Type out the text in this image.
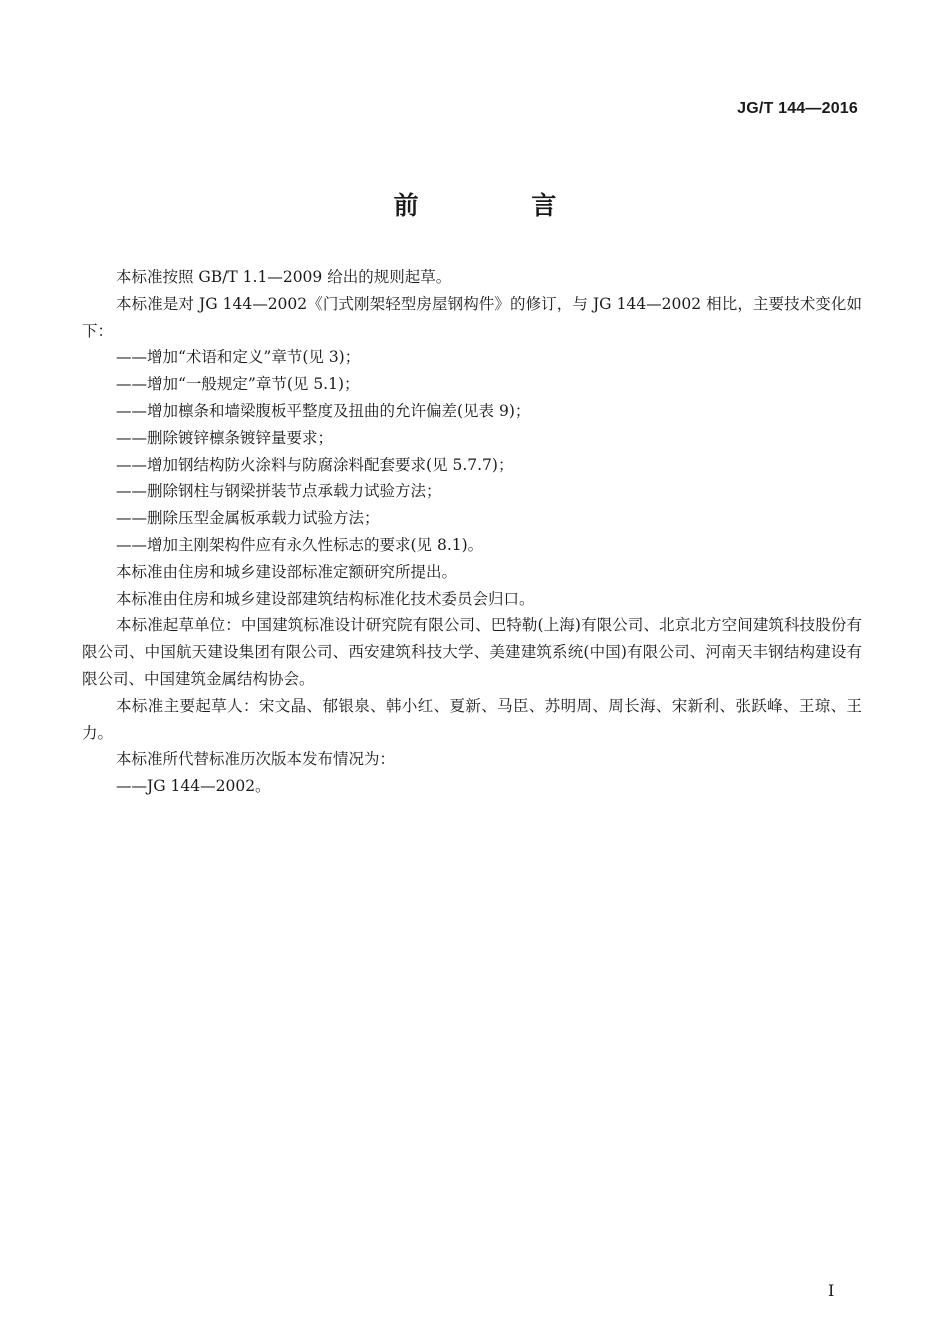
JG/T 144—2016
前 言

本标准按照 GB/T 1.1—2009 给出的规则起草。

本标准是对 JG 144—2002《门式刚架轻型房屋钢构件》的修订，与 JG 144—2002 相比，主要技术变化如下：

——增加“术语和定义”章节(见 3)；

——增加“一般规定”章节(见 5.1)；

——增加檩条和墙梁腹板平整度及扭曲的允许偏差(见表 9)；

——删除镀锌檩条镀锌量要求；

——增加钢结构防火涂料与防腐涂料配套要求(见 5.7.7)；

——删除钢柱与钢梁拼装节点承载力试验方法；

——删除压型金属板承载力试验方法；

——增加主刚架构件应有永久性标志的要求(见 8.1)。

本标准由住房和城乡建设部标准定额研究所提出。

本标准由住房和城乡建设部建筑结构标准化技术委员会归口。

本标准起草单位：中国建筑标准设计研究院有限公司、巴特勒(上海)有限公司、北京北方空间建筑科技股份有限公司、中国航天建设集团有限公司、西安建筑科技大学、美建建筑系统(中国)有限公司、河南天丰钢结构建设有限公司、中国建筑金属结构协会。

本标准主要起草人：宋文晶、郁银泉、韩小红、夏新、马臣、苏明周、周长海、宋新利、张跃峰、王琼、王力。

本标准所代替标准历次版本发布情况为：

——JG 144—2002。

I
